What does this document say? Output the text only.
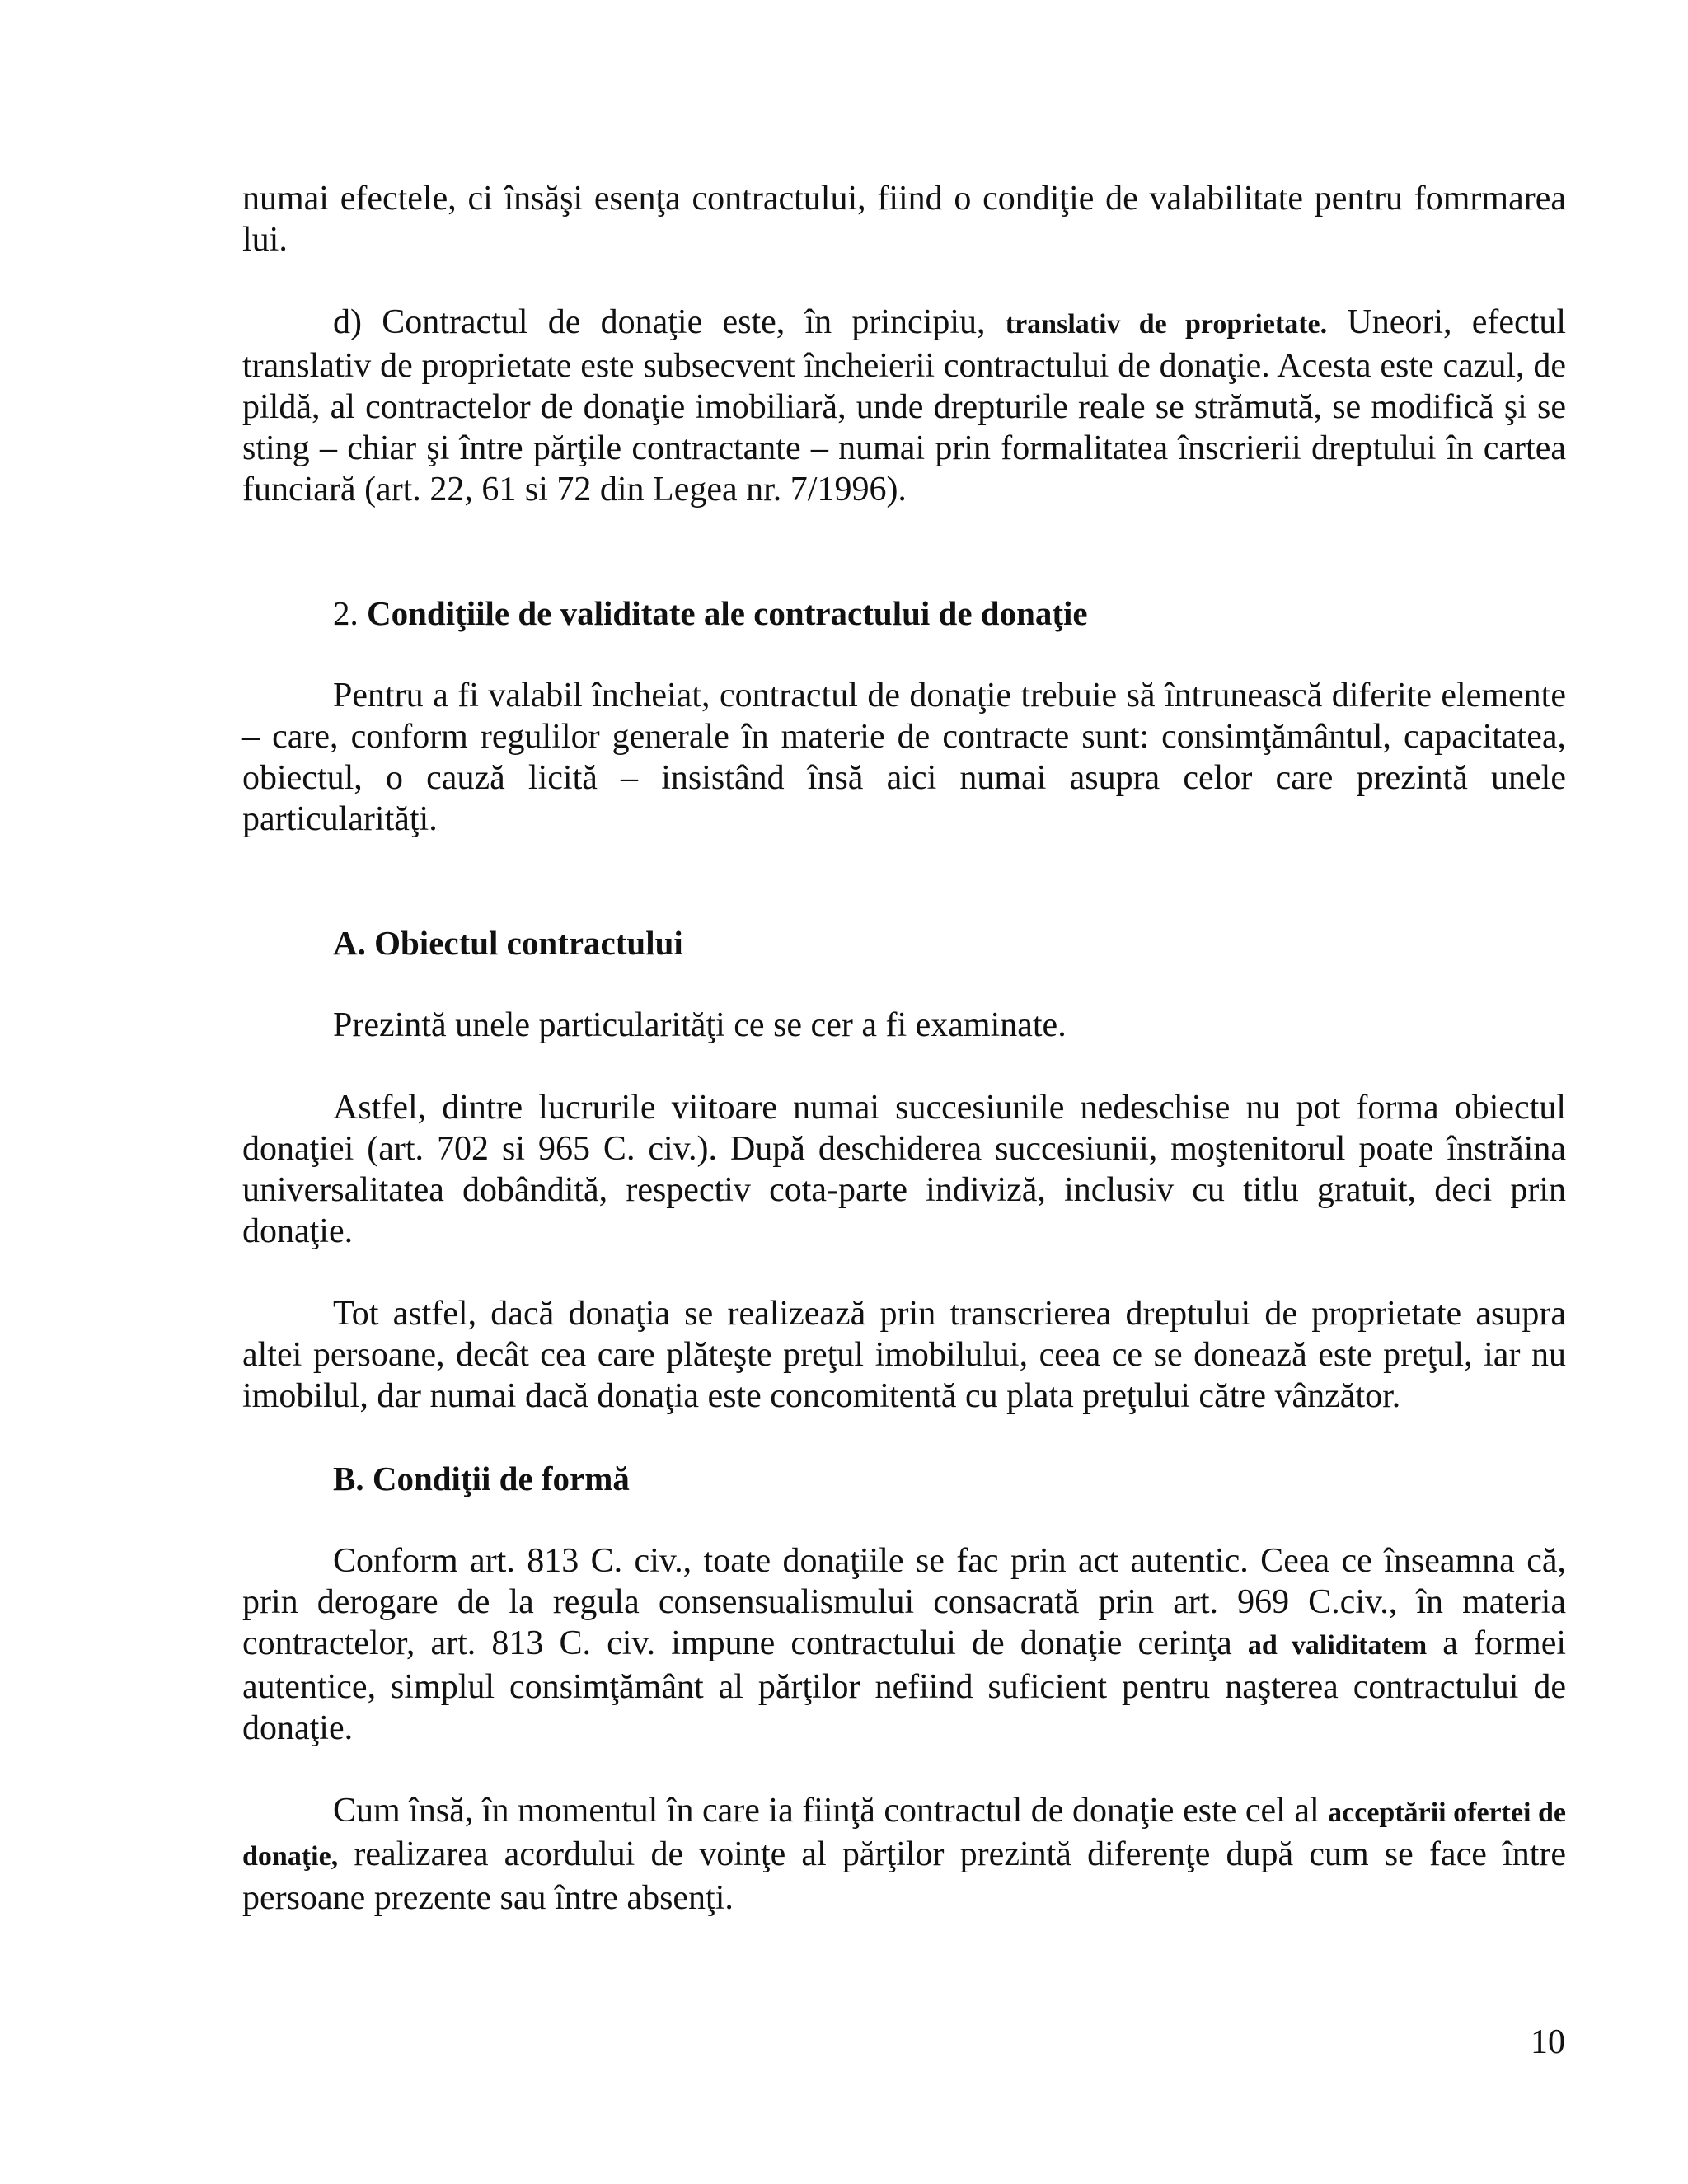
numai efectele, ci însăşi esenţa contractului, fiind o condiţie de valabilitate pentru fomrmarea lui.

d) Contractul de donaţie este, în principiu, translativ de proprietate. Uneori, efectul translativ de proprietate este subsecvent încheierii contractului de donaţie. Acesta este cazul, de pildă, al contractelor de donaţie imobiliară, unde drepturile reale se strămută, se modifică şi se sting – chiar şi între părţile contractante – numai prin formalitatea înscrierii dreptului în cartea funciară (art. 22, 61 si 72 din Legea nr. 7/1996).

2. Condiţiile de validitate ale contractului de donaţie

Pentru a fi valabil încheiat, contractul de donaţie trebuie să întrunească diferite elemente – care, conform regulilor generale în materie de contracte sunt: consimţământul, capacitatea, obiectul, o cauză licită – insistând însă aici numai asupra celor care prezintă unele particularităţi.

A. Obiectul contractului

Prezintă unele particularităţi ce se cer a fi examinate.

Astfel, dintre lucrurile viitoare numai succesiunile nedeschise nu pot forma obiectul donaţiei (art. 702 si 965 C. civ.). După deschiderea succesiunii, moştenitorul poate înstrăina universalitatea dobândită, respectiv cota-parte indiviză, inclusiv cu titlu gratuit, deci prin donaţie.

Tot astfel, dacă donaţia se realizează prin transcrierea dreptului de proprietate asupra altei persoane, decât cea care plăteşte preţul imobilului, ceea ce se donează este preţul, iar nu imobilul, dar numai dacă donaţia este concomitentă cu plata preţului către vânzător.

B. Condiţii de formă

Conform art. 813 C. civ., toate donaţiile se fac prin act autentic. Ceea ce înseamna că, prin derogare de la regula consensualismului consacrată prin art. 969 C.civ., în materia contractelor, art. 813 C. civ. impune contractului de donaţie cerinţa ad validitatem a formei autentice, simplul consimţământ al părţilor nefiind suficient pentru naşterea contractului de donaţie.

Cum însă, în momentul în care ia fiinţă contractul de donaţie este cel al acceptării ofertei de donaţie, realizarea acordului de voinţe al părţilor prezintă diferenţe după cum se face între persoane prezente sau între absenţi.

10
